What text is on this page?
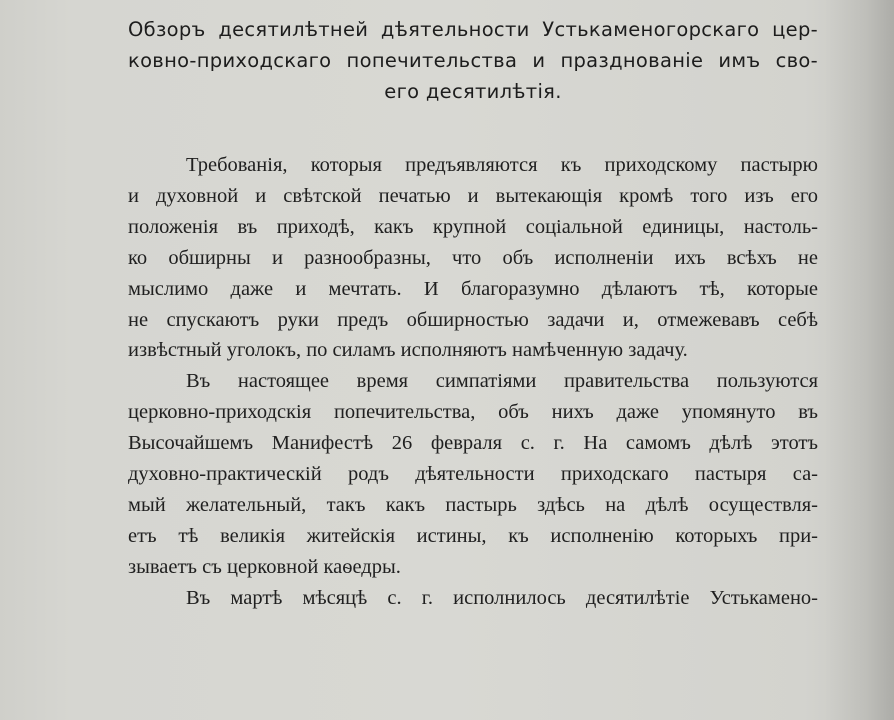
Обзоръ десятилѣтней дѣятельности Устькаменогорскаго цер-
ковно-приходскаго попечительства и празднованіе имъ сво-
его десятилѣтія.
Требованія, которыя предъявляются къ приходскому пастырю
и духовной и свѣтской печатью и вытекающія кромѣ того изъ его
положенія въ приходѣ, какъ крупной соціальной единицы, настоль-
ко обширны и разнообразны, что объ исполненіи ихъ всѣхъ не
мыслимо даже и мечтать. И благоразумно дѣлаютъ тѣ, которые
не спускаютъ руки предъ обширностью задачи и, отмежевавъ себѣ
извѣстный уголокъ, по силамъ исполняютъ намѣченную задачу.
Въ настоящее время симпатіями правительства пользуются
церковно-приходскія попечительства, объ нихъ даже упомянуто въ
Высочайшемъ Манифестѣ 26 февраля с. г. На самомъ дѣлѣ этотъ
духовно-практическій родъ дѣятельности приходскаго пастыря са-
мый желательный, такъ какъ пастырь здѣсь на дѣлѣ осуществля-
етъ тѣ великія житейскія истины, къ исполненію которыхъ при-
зываетъ съ церковной каѳедры.
Въ мартѣ мѣсяцѣ с. г. исполнилось десятилѣтіе Устькамено-
